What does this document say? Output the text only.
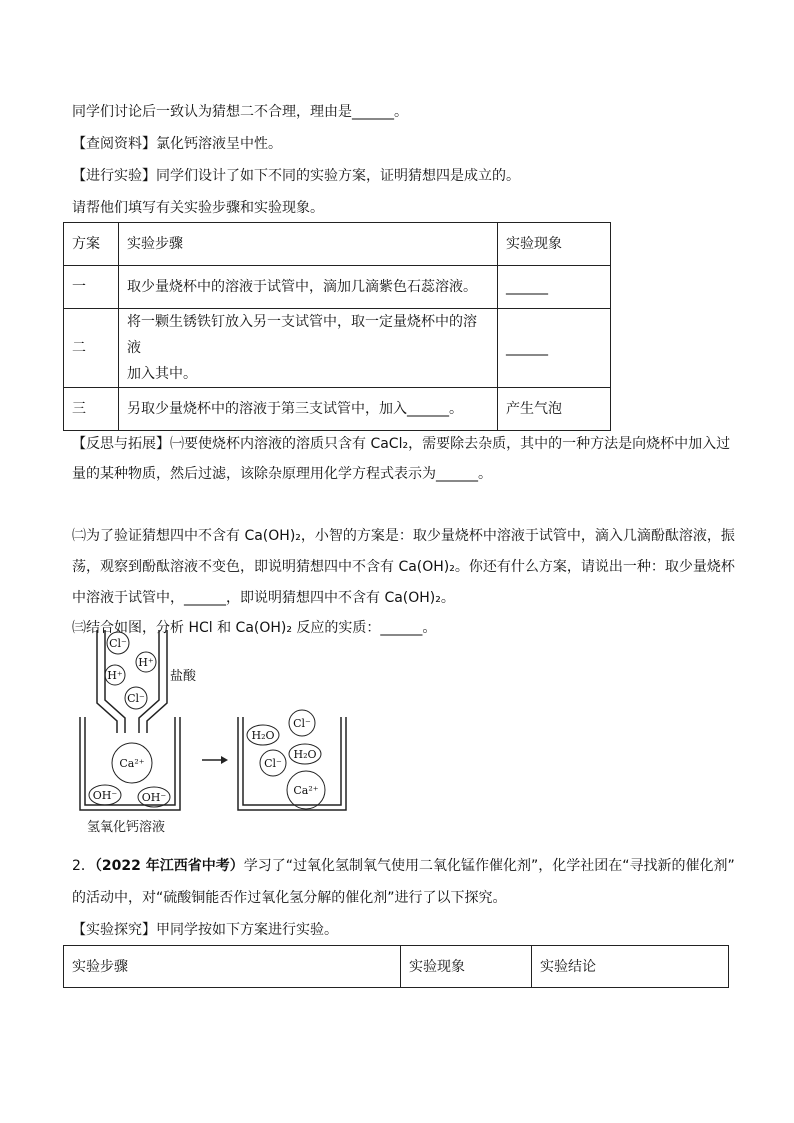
同学们讨论后一致认为猜想二不合理，理由是______。
【查阅资料】氯化钙溶液呈中性。
【进行实验】同学们设计了如下不同的实验方案，证明猜想四是成立的。
请帮他们填写有关实验步骤和实验现象。
方案	实验步骤	实验现象
一	取少量烧杯中的溶液于试管中，滴加几滴紫色石蕊溶液。	______
二	将一颗生锈铁钉放入另一支试管中，取一定量烧杯中的溶液
加入其中。	______
三	另取少量烧杯中的溶液于第三支试管中，加入______。	产生气泡
【反思与拓展】㈠要使烧杯内溶液的溶质只含有 CaCl₂，需要除去杂质，其中的一种方法是向烧杯中加入过
量的某种物质，然后过滤，该除杂原理用化学方程式表示为______。
㈡为了验证猜想四中不含有 Ca(OH)₂，小智的方案是：取少量烧杯中溶液于试管中，滴入几滴酚酞溶液，振
荡，观察到酚酞溶液不变色，即说明猜想四中不含有 Ca(OH)₂。你还有什么方案，请说出一种：取少量烧杯
中溶液于试管中，______，即说明猜想四中不含有 Ca(OH)₂。
㈢结合如图，分析 HCl 和 Ca(OH)₂ 反应的实质：______。
Cl⁻
H⁺
H⁺
Cl⁻
Ca²⁺
OH⁻ OH⁻
H₂O
Cl⁻
H₂O
Cl⁻
Ca²⁺
盐酸
氢氧化钙溶液
2．（2022 年江西省中考）学习了“过氧化氢制氧气使用二氧化锰作催化剂”，化学社团在“寻找新的催化剂”
的活动中，对“硫酸铜能否作过氧化氢分解的催化剂”进行了以下探究。
【实验探究】甲同学按如下方案进行实验。
实验步骤	实验现象	实验结论
